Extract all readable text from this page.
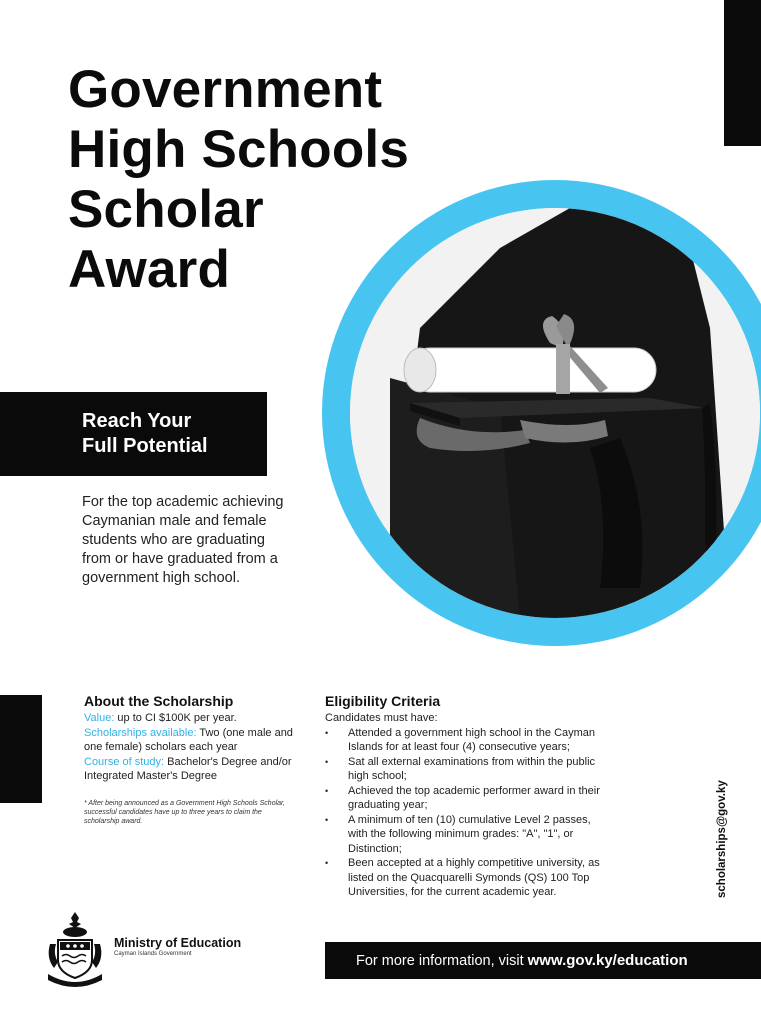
Government
High Schools
Scholar
Award
Reach Your
Full Potential
For the top academic achieving Caymanian male and female students who are graduating from or have graduated from a government high school.
About the Scholarship
Value: up to CI $100K per year.
Scholarships available: Two (one male and one female) scholars each year
Course of study: Bachelor's Degree and/or Integrated Master's Degree
* After being announced as a Government High Schools Scholar, successful candidates have up to three years to claim the scholarship award.
Eligibility Criteria
Candidates must have:
• Attended a government high school in the Cayman Islands for at least four (4) consecutive years;
• Sat all external examinations from within the public high school;
• Achieved the top academic performer award in their graduating year;
• A minimum of ten (10) cumulative Level 2 passes, with the following minimum grades: "A", "1", or Distinction;
• Been accepted at a highly competitive university, as listed on the Quacquarelli Symonds (QS) 100 Top Universities, for the current academic year.	scholarships@gov.ky
Ministry of Education
Cayman Islands Government	For more information, visit www.gov.ky/education
